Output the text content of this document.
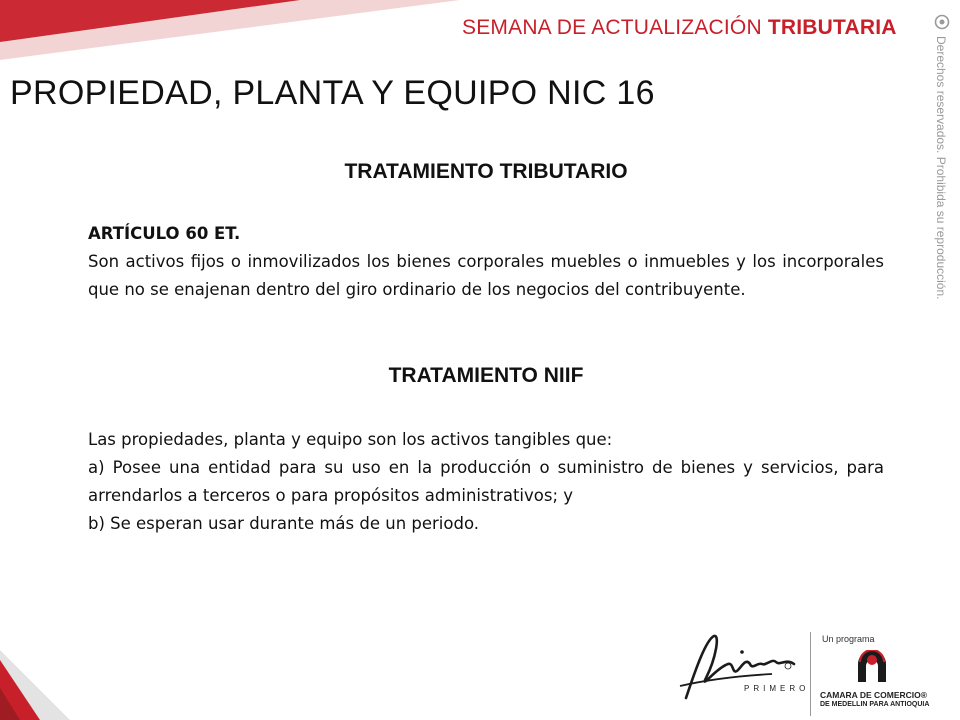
SEMANA DE ACTUALIZACIÓN TRIBUTARIA
Derechos reservados. Prohibida su reproducción.
PROPIEDAD, PLANTA Y EQUIPO NIC 16
TRATAMIENTO TRIBUTARIO

ARTÍCULO 60 ET.

Son activos fijos o inmovilizados los bienes corporales muebles o inmuebles y los incorporales que no se enajenan dentro del giro ordinario de los negocios del contribuyente.

TRATAMIENTO NIIF

Las propiedades, planta y equipo son los activos tangibles que:

a) Posee una entidad para su uso en la producción o suministro de bienes y servicios, para arrendarlos a terceros o para propósitos administrativos; y

b) Se esperan usar durante más de un periodo.

PRIMERO
Un programa
CAMARA DE COMERCIO®
DE MEDELLIN PARA ANTIOQUIA
